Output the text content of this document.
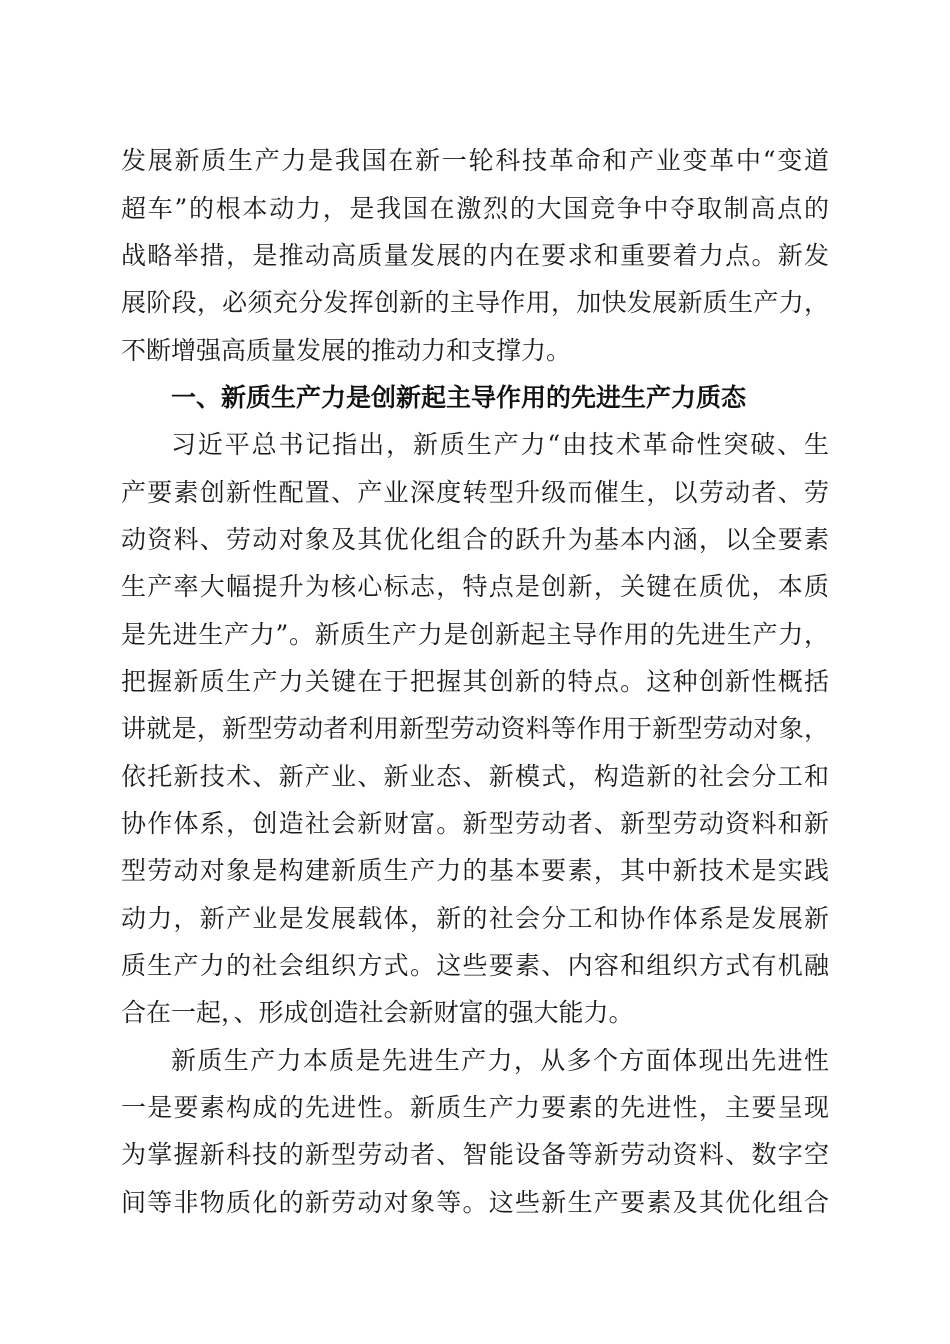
发展新质生产力是我国在新一轮科技革命和产业变革中“变道
超车”的根本动力，是我国在激烈的大国竞争中夺取制高点的
战略举措，是推动高质量发展的内在要求和重要着力点。新发
展阶段，必须充分发挥创新的主导作用，加快发展新质生产力，
不断增强高质量发展的推动力和支撑力。
一、新质生产力是创新起主导作用的先进生产力质态
习近平总书记指出，新质生产力“由技术革命性突破、生
产要素创新性配置、产业深度转型升级而催生，以劳动者、劳
动资料、劳动对象及其优化组合的跃升为基本内涵，以全要素
生产率大幅提升为核心标志，特点是创新，关键在质优，本质
是先进生产力”。新质生产力是创新起主导作用的先进生产力，
把握新质生产力关键在于把握其创新的特点。这种创新性概括
讲就是，新型劳动者利用新型劳动资料等作用于新型劳动对象，
依托新技术、新产业、新业态、新模式，构造新的社会分工和
协作体系，创造社会新财富。新型劳动者、新型劳动资料和新
型劳动对象是构建新质生产力的基本要素，其中新技术是实践
动力，新产业是发展载体，新的社会分工和协作体系是发展新
质生产力的社会组织方式。这些要素、内容和组织方式有机融
合在一起，、形成创造社会新财富的强大能力。
新质生产力本质是先进生产力，从多个方面体现出先进性
一是要素构成的先进性。新质生产力要素的先进性，主要呈现
为掌握新科技的新型劳动者、智能设备等新劳动资料、数字空
间等非物质化的新劳动对象等。这些新生产要素及其优化组合
